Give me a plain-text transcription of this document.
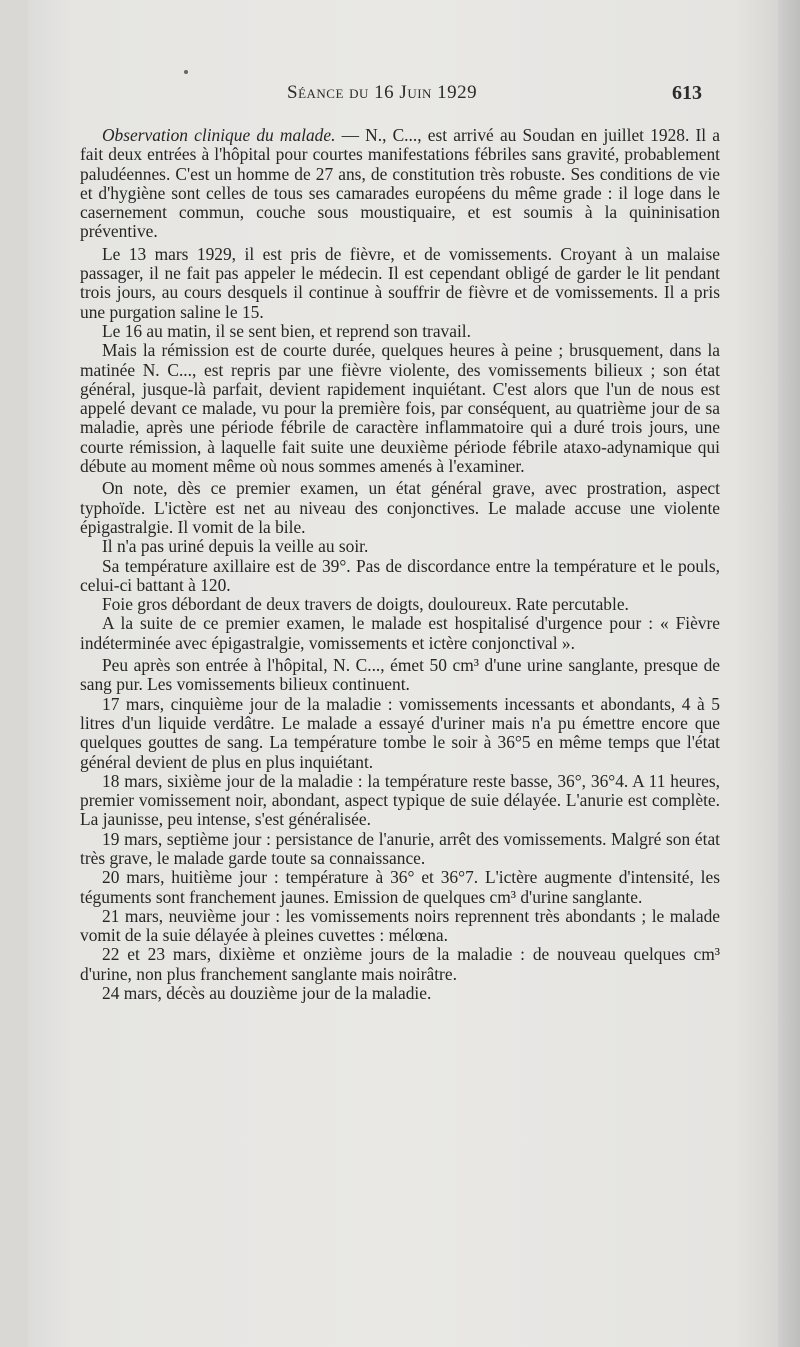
Séance du 16 Juin 1929	613

Observation clinique du malade. — N., C..., est arrivé au Soudan en juillet 1928. Il a fait deux entrées à l'hôpital pour courtes manifestations fébriles sans gravité, probablement paludéennes. C'est un homme de 27 ans, de constitution très robuste. Ses conditions de vie et d'hygiène sont celles de tous ses camarades européens du même grade : il loge dans le casernement commun, couche sous moustiquaire, et est soumis à la quininisation préventive.

Le 13 mars 1929, il est pris de fièvre, et de vomissements. Croyant à un malaise passager, il ne fait pas appeler le médecin. Il est cependant obligé de garder le lit pendant trois jours, au cours desquels il continue à souffrir de fièvre et de vomissements. Il a pris une purgation saline le 15.

Le 16 au matin, il se sent bien, et reprend son travail.

Mais la rémission est de courte durée, quelques heures à peine ; brusquement, dans la matinée N. C..., est repris par une fièvre violente, des vomissements bilieux ; son état général, jusque-là parfait, devient rapidement inquiétant. C'est alors que l'un de nous est appelé devant ce malade, vu pour la première fois, par conséquent, au quatrième jour de sa maladie, après une période fébrile de caractère inflammatoire qui a duré trois jours, une courte rémission, à laquelle fait suite une deuxième période fébrile ataxo-adynamique qui débute au moment même où nous sommes amenés à l'examiner.

On note, dès ce premier examen, un état général grave, avec prostration, aspect typhoïde. L'ictère est net au niveau des conjonctives. Le malade accuse une violente épigastralgie. Il vomit de la bile.

Il n'a pas uriné depuis la veille au soir.

Sa température axillaire est de 39°. Pas de discordance entre la température et le pouls, celui-ci battant à 120.

Foie gros débordant de deux travers de doigts, douloureux. Rate percutable.

A la suite de ce premier examen, le malade est hospitalisé d'urgence pour : « Fièvre indéterminée avec épigastralgie, vomissements et ictère conjonctival ».

Peu après son entrée à l'hôpital, N. C..., émet 50 cm³ d'une urine sanglante, presque de sang pur. Les vomissements bilieux continuent.

17 mars, cinquième jour de la maladie : vomissements incessants et abondants, 4 à 5 litres d'un liquide verdâtre. Le malade a essayé d'uriner mais n'a pu émettre encore que quelques gouttes de sang. La température tombe le soir à 36°5 en même temps que l'état général devient de plus en plus inquiétant.

18 mars, sixième jour de la maladie : la température reste basse, 36°, 36°4. A 11 heures, premier vomissement noir, abondant, aspect typique de suie délayée. L'anurie est complète. La jaunisse, peu intense, s'est généralisée.

19 mars, septième jour : persistance de l'anurie, arrêt des vomissements. Malgré son état très grave, le malade garde toute sa connaissance.

20 mars, huitième jour : température à 36° et 36°7. L'ictère augmente d'intensité, les téguments sont franchement jaunes. Emission de quelques cm³ d'urine sanglante.

21 mars, neuvième jour : les vomissements noirs reprennent très abondants ; le malade vomit de la suie délayée à pleines cuvettes : mélœna.

22 et 23 mars, dixième et onzième jours de la maladie : de nouveau quelques cm³ d'urine, non plus franchement sanglante mais noirâtre.

24 mars, décès au douzième jour de la maladie.
